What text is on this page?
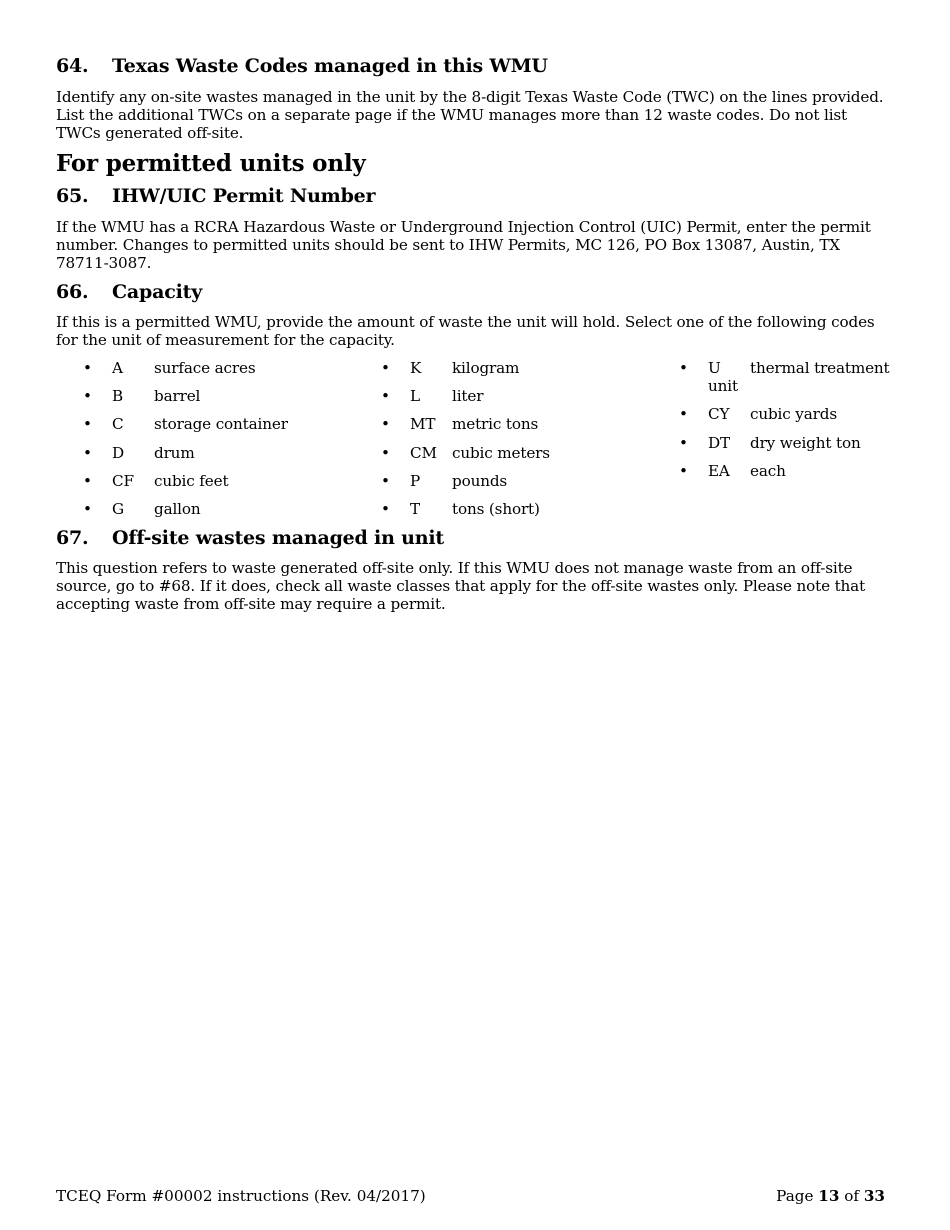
64. Texas Waste Codes managed in this WMU
Identify any on-site wastes managed in the unit by the 8-digit Texas Waste Code (TWC) on the lines provided. List the additional TWCs on a separate page if the WMU manages more than 12 waste codes. Do not list TWCs generated off-site.
For permitted units only
65. IHW/UIC Permit Number
If the WMU has a RCRA Hazardous Waste or Underground Injection Control (UIC) Permit, enter the permit number. Changes to permitted units should be sent to IHW Permits, MC 126, PO Box 13087, Austin, TX 78711-3087.
66. Capacity
If this is a permitted WMU, provide the amount of waste the unit will hold. Select one of the following codes for the unit of measurement for the capacity.
• A surface acres
• B barrel
• C storage container
• D drum
• CF cubic feet
• G gallon
• K kilogram
• L liter
• MT metric tons
• CM cubic meters
• P pounds
• T tons (short)
• U thermal treatment unit
• CY cubic yards
• DT dry weight ton
• EA each
67. Off-site wastes managed in unit
This question refers to waste generated off-site only. If this WMU does not manage waste from an off-site source, go to #68. If it does, check all waste classes that apply for the off-site wastes only. Please note that accepting waste from off-site may require a permit.
TCEQ Form #00002 instructions (Rev. 04/2017)	Page 13 of 33
